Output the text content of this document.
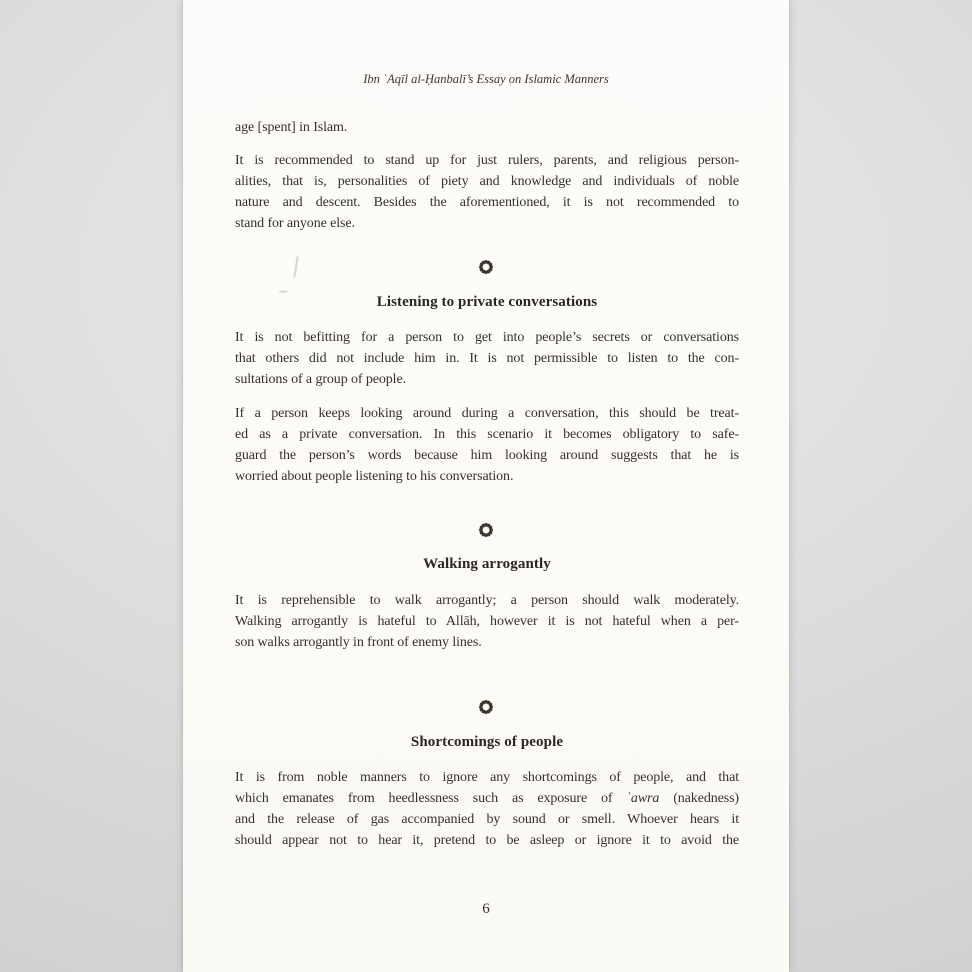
Ibn ʿAqīl al-Ḥanbalī’s Essay on Islamic Manners
age [spent] in Islam.
It is recommended to stand up for just rulers, parents, and religious person-
alities, that is, personalities of piety and knowledge and individuals of noble
nature and descent. Besides the aforementioned, it is not recommended to
stand for anyone else.
Listening to private conversations
It is not befitting for a person to get into people’s secrets or conversations
that others did not include him in. It is not permissible to listen to the con-
sultations of a group of people.
If a person keeps looking around during a conversation, this should be treat-
ed as a private conversation. In this scenario it becomes obligatory to safe-
guard the person’s words because him looking around suggests that he is
worried about people listening to his conversation.
Walking arrogantly
It is reprehensible to walk arrogantly; a person should walk moderately.
Walking arrogantly is hateful to Allāh, however it is not hateful when a per-
son walks arrogantly in front of enemy lines.
Shortcomings of people
It is from noble manners to ignore any shortcomings of people, and that
which emanates from heedlessness such as exposure of ʿawra (nakedness)
and the release of gas accompanied by sound or smell. Whoever hears it
should appear not to hear it, pretend to be asleep or ignore it to avoid the
6
